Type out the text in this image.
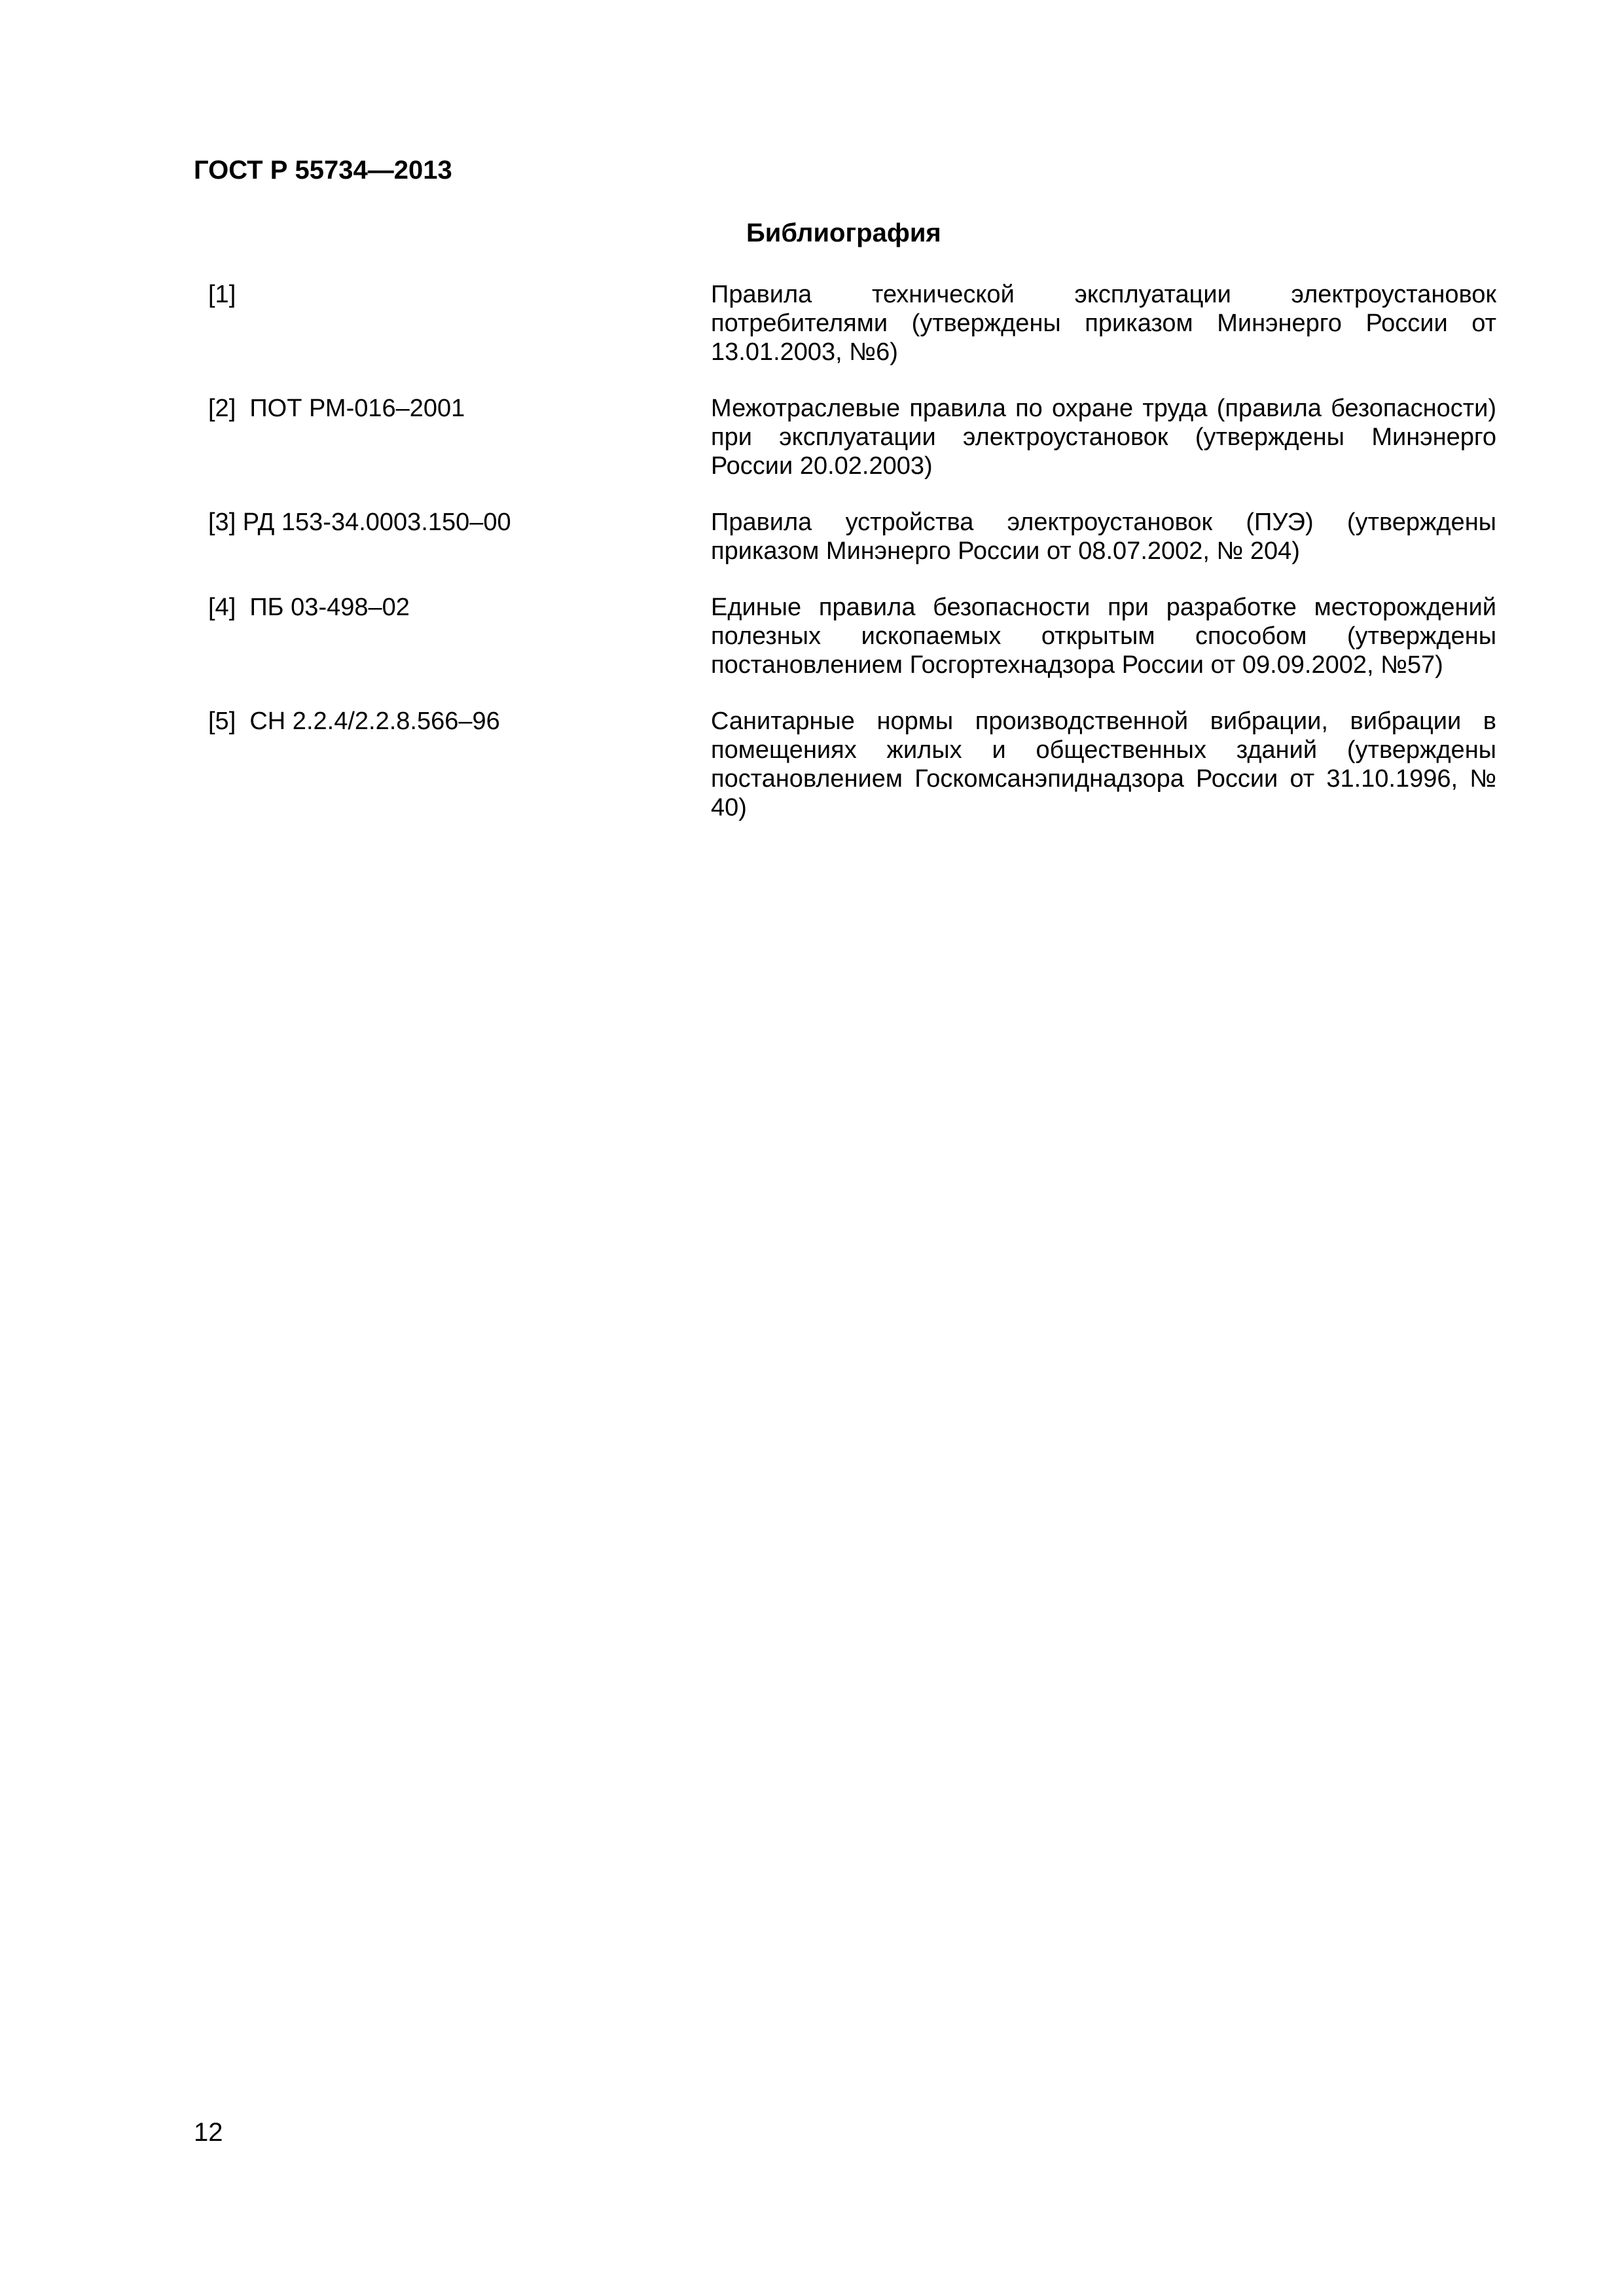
ГОСТ Р 55734—2013
Библиография
[1]	Правила технической эксплуатации электроустановок потребителями (утверждены приказом Минэнерго России от 13.01.2003, №6)
[2]  ПОТ РМ-016–2001	Межотраслевые правила по охране труда (правила безопасности) при эксплуатации электроустановок (утверждены Минэнерго России 20.02.2003)
[3] РД 153-34.0003.150–00	Правила устройства электроустановок (ПУЭ) (утверждены приказом Минэнерго России от 08.07.2002, № 204)
[4]  ПБ 03-498–02	Единые правила безопасности при разработке месторождений полезных ископаемых открытым способом (утверждены постановлением Госгортехнадзора России от 09.09.2002, №57)
[5]  СН 2.2.4/2.2.8.566–96	Санитарные нормы производственной вибрации, вибрации в помещениях жилых и общественных зданий (утверждены постановлением Госкомсанэпиднадзора России от 31.10.1996, № 40)
12
